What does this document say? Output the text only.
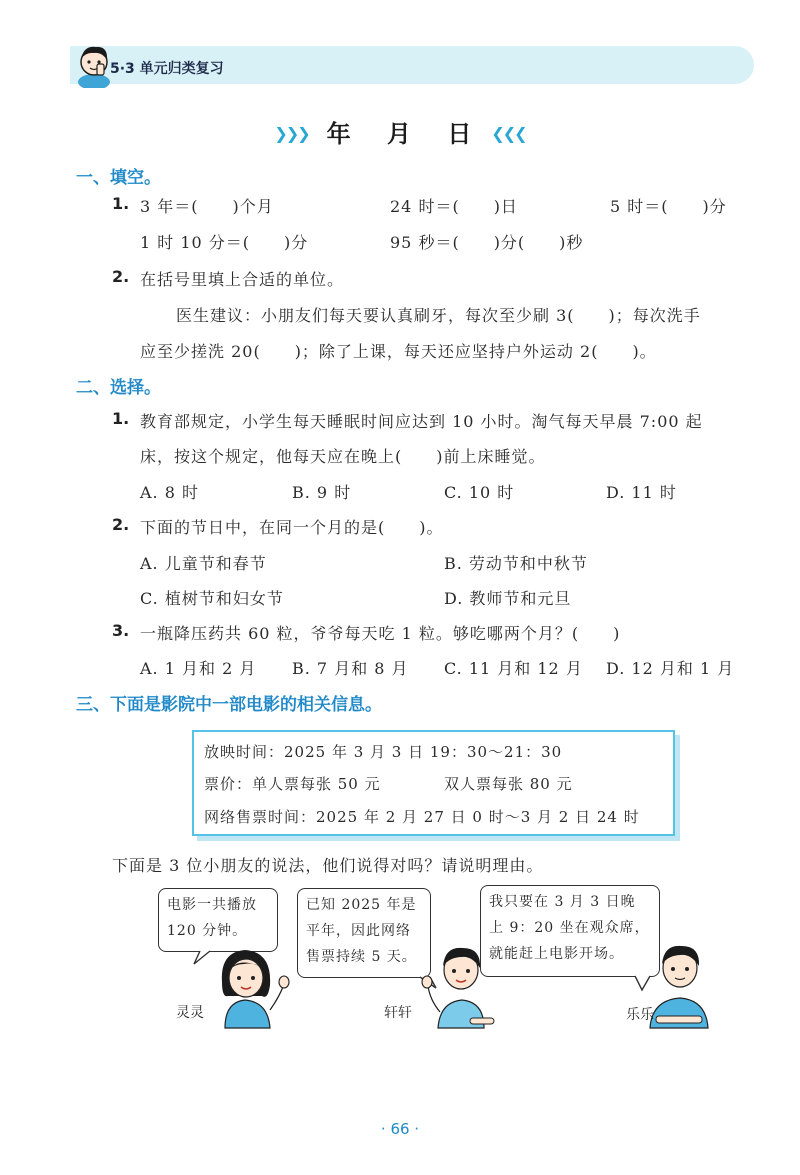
5·3 单元归类复习
❯❯❯ 年 月 日 ❮❮❮
一、填空。
1. 3 年＝(　　)个月	24 时＝(　　)日	5 时＝(　　)分
1 时 10 分＝(　　)分	95 秒＝(　　)分(　　)秒
2. 在括号里填上合适的单位。
医生建议：小朋友们每天要认真刷牙，每次至少刷 3(　　)；每次洗手
应至少搓洗 20(　　)；除了上课，每天还应坚持户外运动 2(　　)。
二、选择。
1. 教育部规定，小学生每天睡眠时间应达到 10 小时。淘气每天早晨 7:00 起
床，按这个规定，他每天应在晚上(　　)前上床睡觉。
A. 8 时	B. 9 时	C. 10 时	D. 11 时
2. 下面的节日中，在同一个月的是(　　)。
A. 儿童节和春节	B. 劳动节和中秋节
C. 植树节和妇女节	D. 教师节和元旦
3. 一瓶降压药共 60 粒，爷爷每天吃 1 粒。够吃哪两个月？(　　)
A. 1 月和 2 月 B. 7 月和 8 月 C. 11 月和 12 月 D. 12 月和 1 月
三、下面是影院中一部电影的相关信息。
放映时间：2025 年 3 月 3 日 19：30～21：30
票价：单人票每张 50 元	双人票每张 80 元
网络售票时间：2025 年 2 月 27 日 0 时～3 月 2 日 24 时
下面是 3 位小朋友的说法，他们说得对吗？请说明理由。
电影一共播放
120 分钟。
已知 2025 年是
平年，因此网络
售票持续 5 天。
我只要在 3 月 3 日晚
上 9：20 坐在观众席，
就能赶上电影开场。
灵灵	轩轩	乐乐
· 66 ·
